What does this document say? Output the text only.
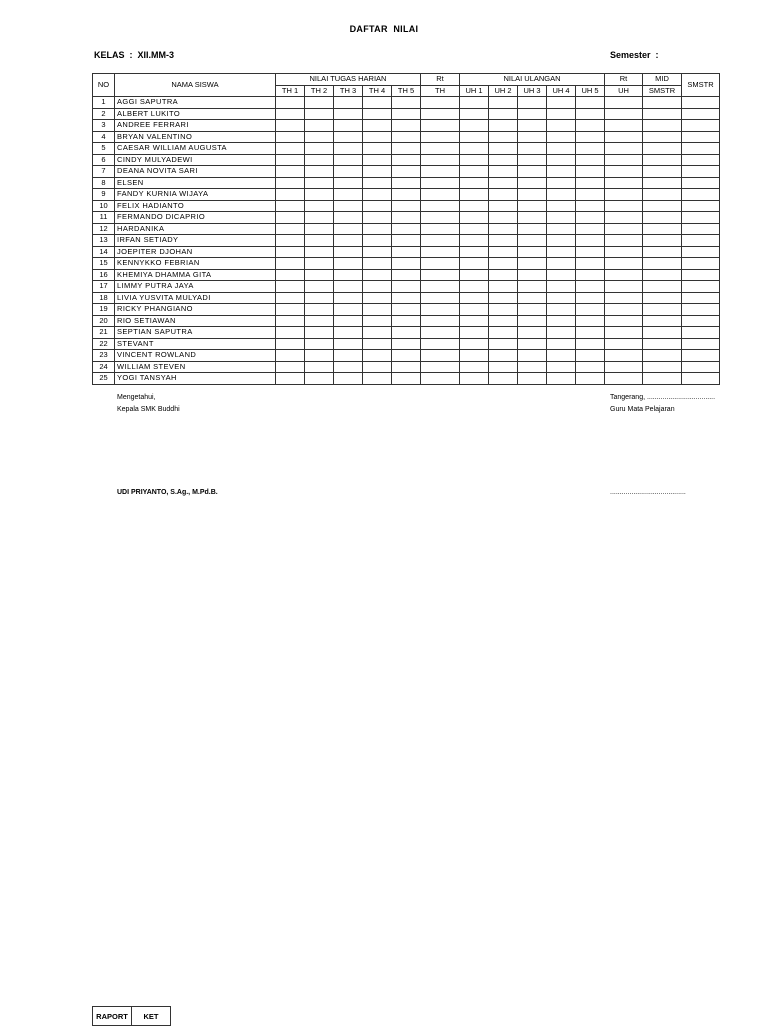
DAFTAR  NILAI
KELAS  :  XII.MM-3	Semester  :
NO	NAMA SISWA	NILAI TUGAS HARIAN					Rt	NILAI ULANGAN					Rt	MID	SMSTR
		TH 1	TH 2	TH 3	TH 4	TH 5	TH	UH 1	UH 2	UH 3	UH 4	UH 5	UH	SMSTR	
1	AGGI SAPUTRA														
2	ALBERT LUKITO														
3	ANDREE FERRARI														
4	BRYAN VALENTINO														
5	CAESAR WILLIAM AUGUSTA														
6	CINDY MULYADEWI														
7	DEANA NOVITA SARI														
8	ELSEN														
9	FANDY KURNIA WIJAYA														
10	FELIX HADIANTO														
11	FERMANDO DICAPRIO														
12	HARDANIKA														
13	IRFAN SETIADY														
14	JOEPITER DJOHAN														
15	KENNYKKO FEBRIAN														
16	KHEMIYA DHAMMA GITA														
17	LIMMY PUTRA JAYA														
18	LIVIA YUSVITA MULYADI														
19	RICKY PHANGIANO														
20	RIO SETIAWAN														
21	SEPTIAN SAPUTRA														
22	STEVANT														
23	VINCENT ROWLAND														
24	WILLIAM STEVEN														
25	YOGI TANSYAH														
Mengetahui,
Kepala SMK Buddhi
UDI PRIYANTO, S.Ag., M.Pd.B.
Tangerang, ...................................
Guru Mata Pelajaran
.......................................
RAPORT	KET
